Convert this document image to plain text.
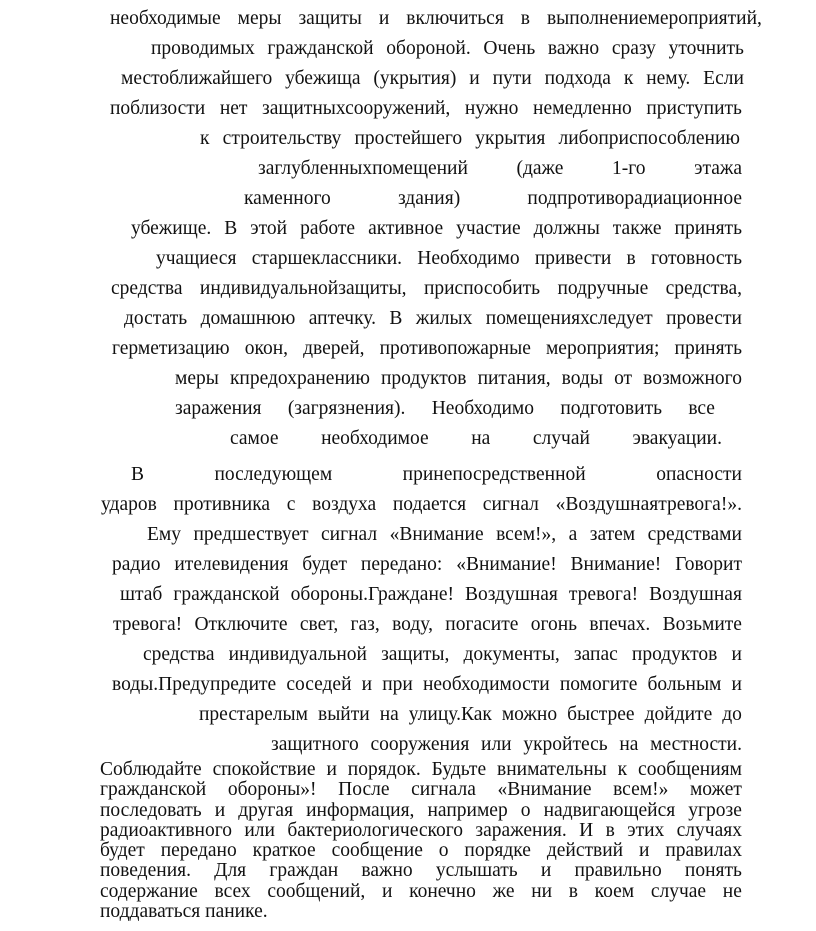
необходимые меры защиты и включиться в выполнениемероприятий,
проводимых гражданской обороной. Очень важно сразу уточнить
местоближайшего убежища (укрытия) и пути подхода к нему. Если
поблизости нет защитныхсооружений, нужно немедленно приступить
к строительству простейшего укрытия либоприспособлению
заглубленныхпомещений (даже 1-го этажа
каменного	здания)	подпротиворадиационное
убежище. В этой работе активное участие должны также принять
учащиеся старшеклассники. Необходимо привести в готовность
средства индивидуальнойзащиты, приспособить подручные средства,
достать домашнюю аптечку. В жилых помещенияхследует провести
герметизацию окон, дверей, противопожарные мероприятия; принять
меры кпредохранению продуктов питания, воды от возможного
заражения (загрязнения). Необходимо подготовить все
самое необходимое на случай эвакуации.
В	последующем	принепосредственной	опасности
ударов противника с воздуха подается сигнал «Воздушнаятревога!».
Ему предшествует сигнал «Внимание всем!», а затем средствами
радио ителевидения будет передано: «Внимание! Внимание! Говорит
штаб гражданской обороны.Граждане! Воздушная тревога! Воздушная
тревога! Отключите свет, газ, воду, погасите огонь впечах. Возьмите
средства индивидуальной защиты, документы, запас продуктов и
воды.Предупредите соседей и при необходимости помогите больным и
престарелым выйти на улицу.Как можно быстрее дойдите до
защитного сооружения или укройтесь на местности.
Соблюдайте спокойствие и порядок. Будьте внимательны к сообщениям
гражданской обороны»! После сигнала «Внимание всем!» может
последовать и другая информация, например о надвигающейся угрозе
радиоактивного или бактериологического заражения. И в этих случаях
будет передано краткое сообщение о порядке действий и правилах
поведения. Для граждан важно услышать и правильно понять
содержание всех сообщений, и конечно же ни в коем случае не
поддаваться панике.
